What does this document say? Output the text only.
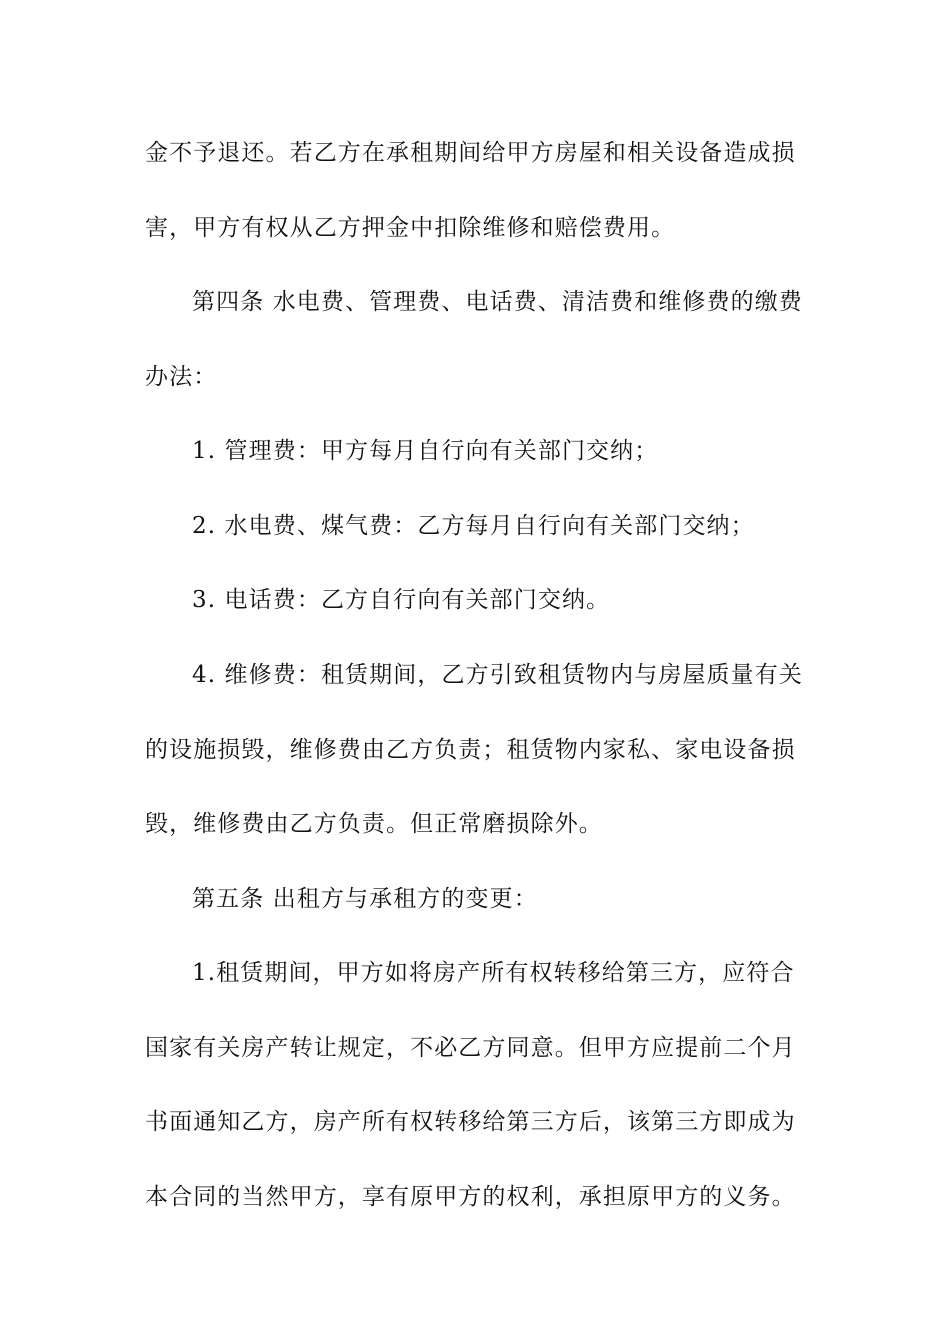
金不予退还。若乙方在承租期间给甲方房屋和相关设备造成损
害，甲方有权从乙方押金中扣除维修和赔偿费用。
第四条 水电费、管理费、电话费、清洁费和维修费的缴费
办法：
1. 管理费：甲方每月自行向有关部门交纳；
2. 水电费、煤气费：乙方每月自行向有关部门交纳；
3. 电话费：乙方自行向有关部门交纳。
4. 维修费：租赁期间，乙方引致租赁物内与房屋质量有关
的设施损毁，维修费由乙方负责；租赁物内家私、家电设备损
毁，维修费由乙方负责。但正常磨损除外。
第五条 出租方与承租方的变更：
1.租赁期间，甲方如将房产所有权转移给第三方，应符合
国家有关房产转让规定，不必乙方同意。但甲方应提前二个月
书面通知乙方，房产所有权转移给第三方后，该第三方即成为
本合同的当然甲方，享有原甲方的权利，承担原甲方的义务。
